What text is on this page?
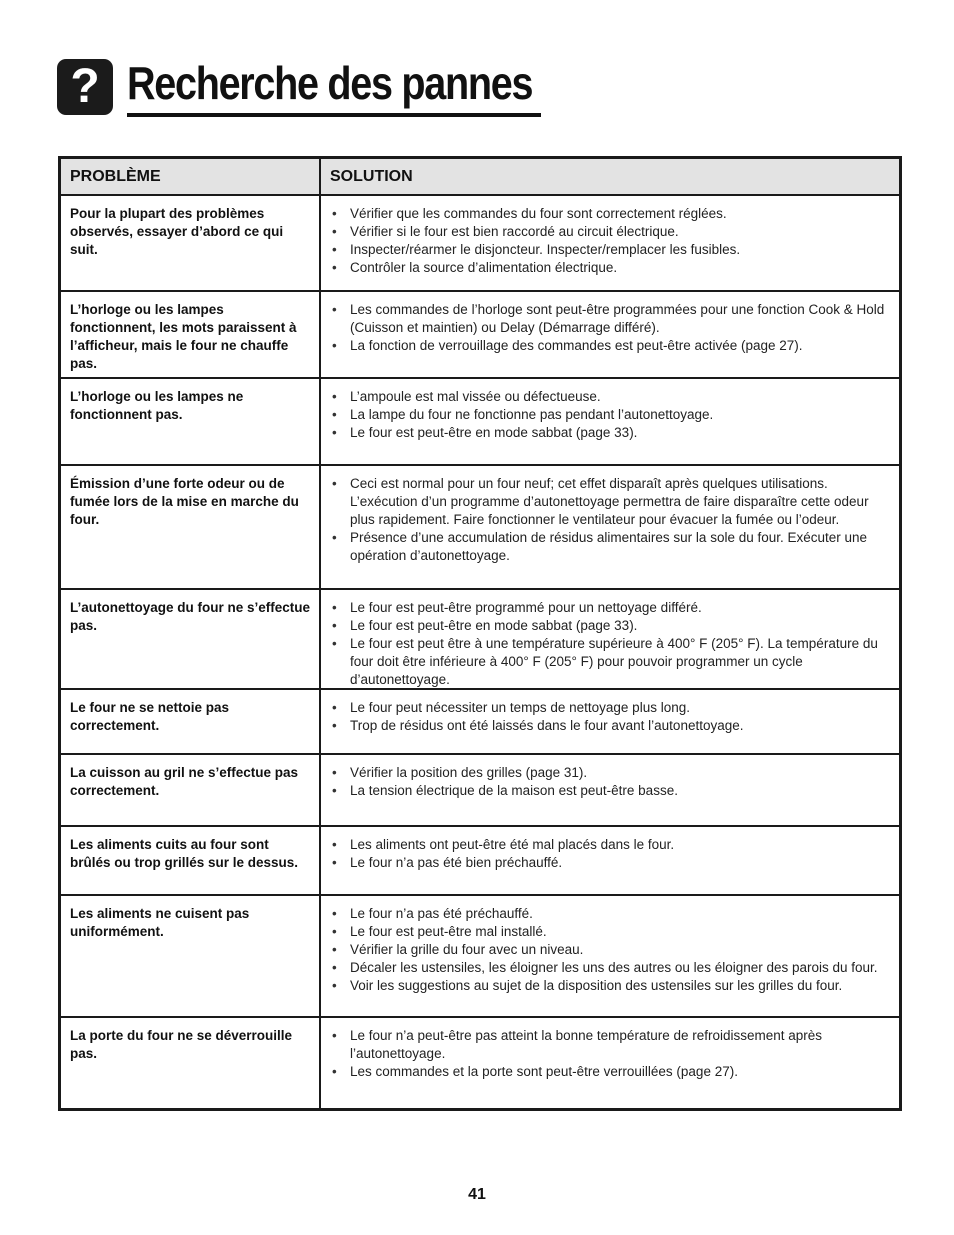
? Recherche des pannes
PROBLÈME	SOLUTION
Pour la plupart des problèmes observés, essayer d’abord ce qui suit.
• Vérifier que les commandes du four sont correctement réglées.
• Vérifier si le four est bien raccordé au circuit électrique.
• Inspecter/réarmer le disjoncteur. Inspecter/remplacer les fusibles.
• Contrôler la source d’alimentation électrique.
L’horloge ou les lampes fonctionnent, les mots paraissent à l’afficheur, mais le four ne chauffe pas.
• Les commandes de l’horloge sont peut-être programmées pour une fonction Cook & Hold (Cuisson et maintien) ou Delay (Démarrage différé).
• La fonction de verrouillage des commandes est peut-être activée (page 27).
L’horloge ou les lampes ne fonctionnent pas.
• L’ampoule est mal vissée ou défectueuse.
• La lampe du four ne fonctionne pas pendant l’autonettoyage.
• Le four est peut-être en mode sabbat (page 33).
Émission d’une forte odeur ou de fumée lors de la mise en marche du four.
• Ceci est normal pour un four neuf; cet effet disparaît après quelques utilisations. L’exécution d’un programme d’autonettoyage permettra de faire disparaître cette odeur plus rapidement. Faire fonctionner le ventilateur pour évacuer la fumée ou l’odeur.
• Présence d’une accumulation de résidus alimentaires sur la sole du four. Exécuter une opération d’autonettoyage.
L’autonettoyage du four ne s’effectue pas.
• Le four est peut-être programmé pour un nettoyage différé.
• Le four est peut-être en mode sabbat (page 33).
• Le four est peut être à une température supérieure à 400° F (205° F). La température du four doit être inférieure à 400° F (205° F) pour pouvoir programmer un cycle d’autonettoyage.
Le four ne se nettoie pas correctement.
• Le four peut nécessiter un temps de nettoyage plus long.
• Trop de résidus ont été laissés dans le four avant l’autonettoyage.
La cuisson au gril ne s’effectue pas correctement.
• Vérifier la position des grilles (page 31).
• La tension électrique de la maison est peut-être basse.
Les aliments cuits au four sont brûlés ou trop grillés sur le dessus.
• Les aliments ont peut-être été mal placés dans le four.
• Le four n’a pas été bien préchauffé.
Les aliments ne cuisent pas uniformément.
• Le four n’a pas été préchauffé.
• Le four est peut-être mal installé.
• Vérifier la grille du four avec un niveau.
• Décaler les ustensiles, les éloigner les uns des autres ou les éloigner des parois du four.
• Voir les suggestions au sujet de la disposition des ustensiles sur les grilles du four.
La porte du four ne se déverrouille pas.
• Le four n’a peut-être pas atteint la bonne température de refroidissement après l’autonettoyage.
• Les commandes et la porte sont peut-être verrouillées (page 27).
41
